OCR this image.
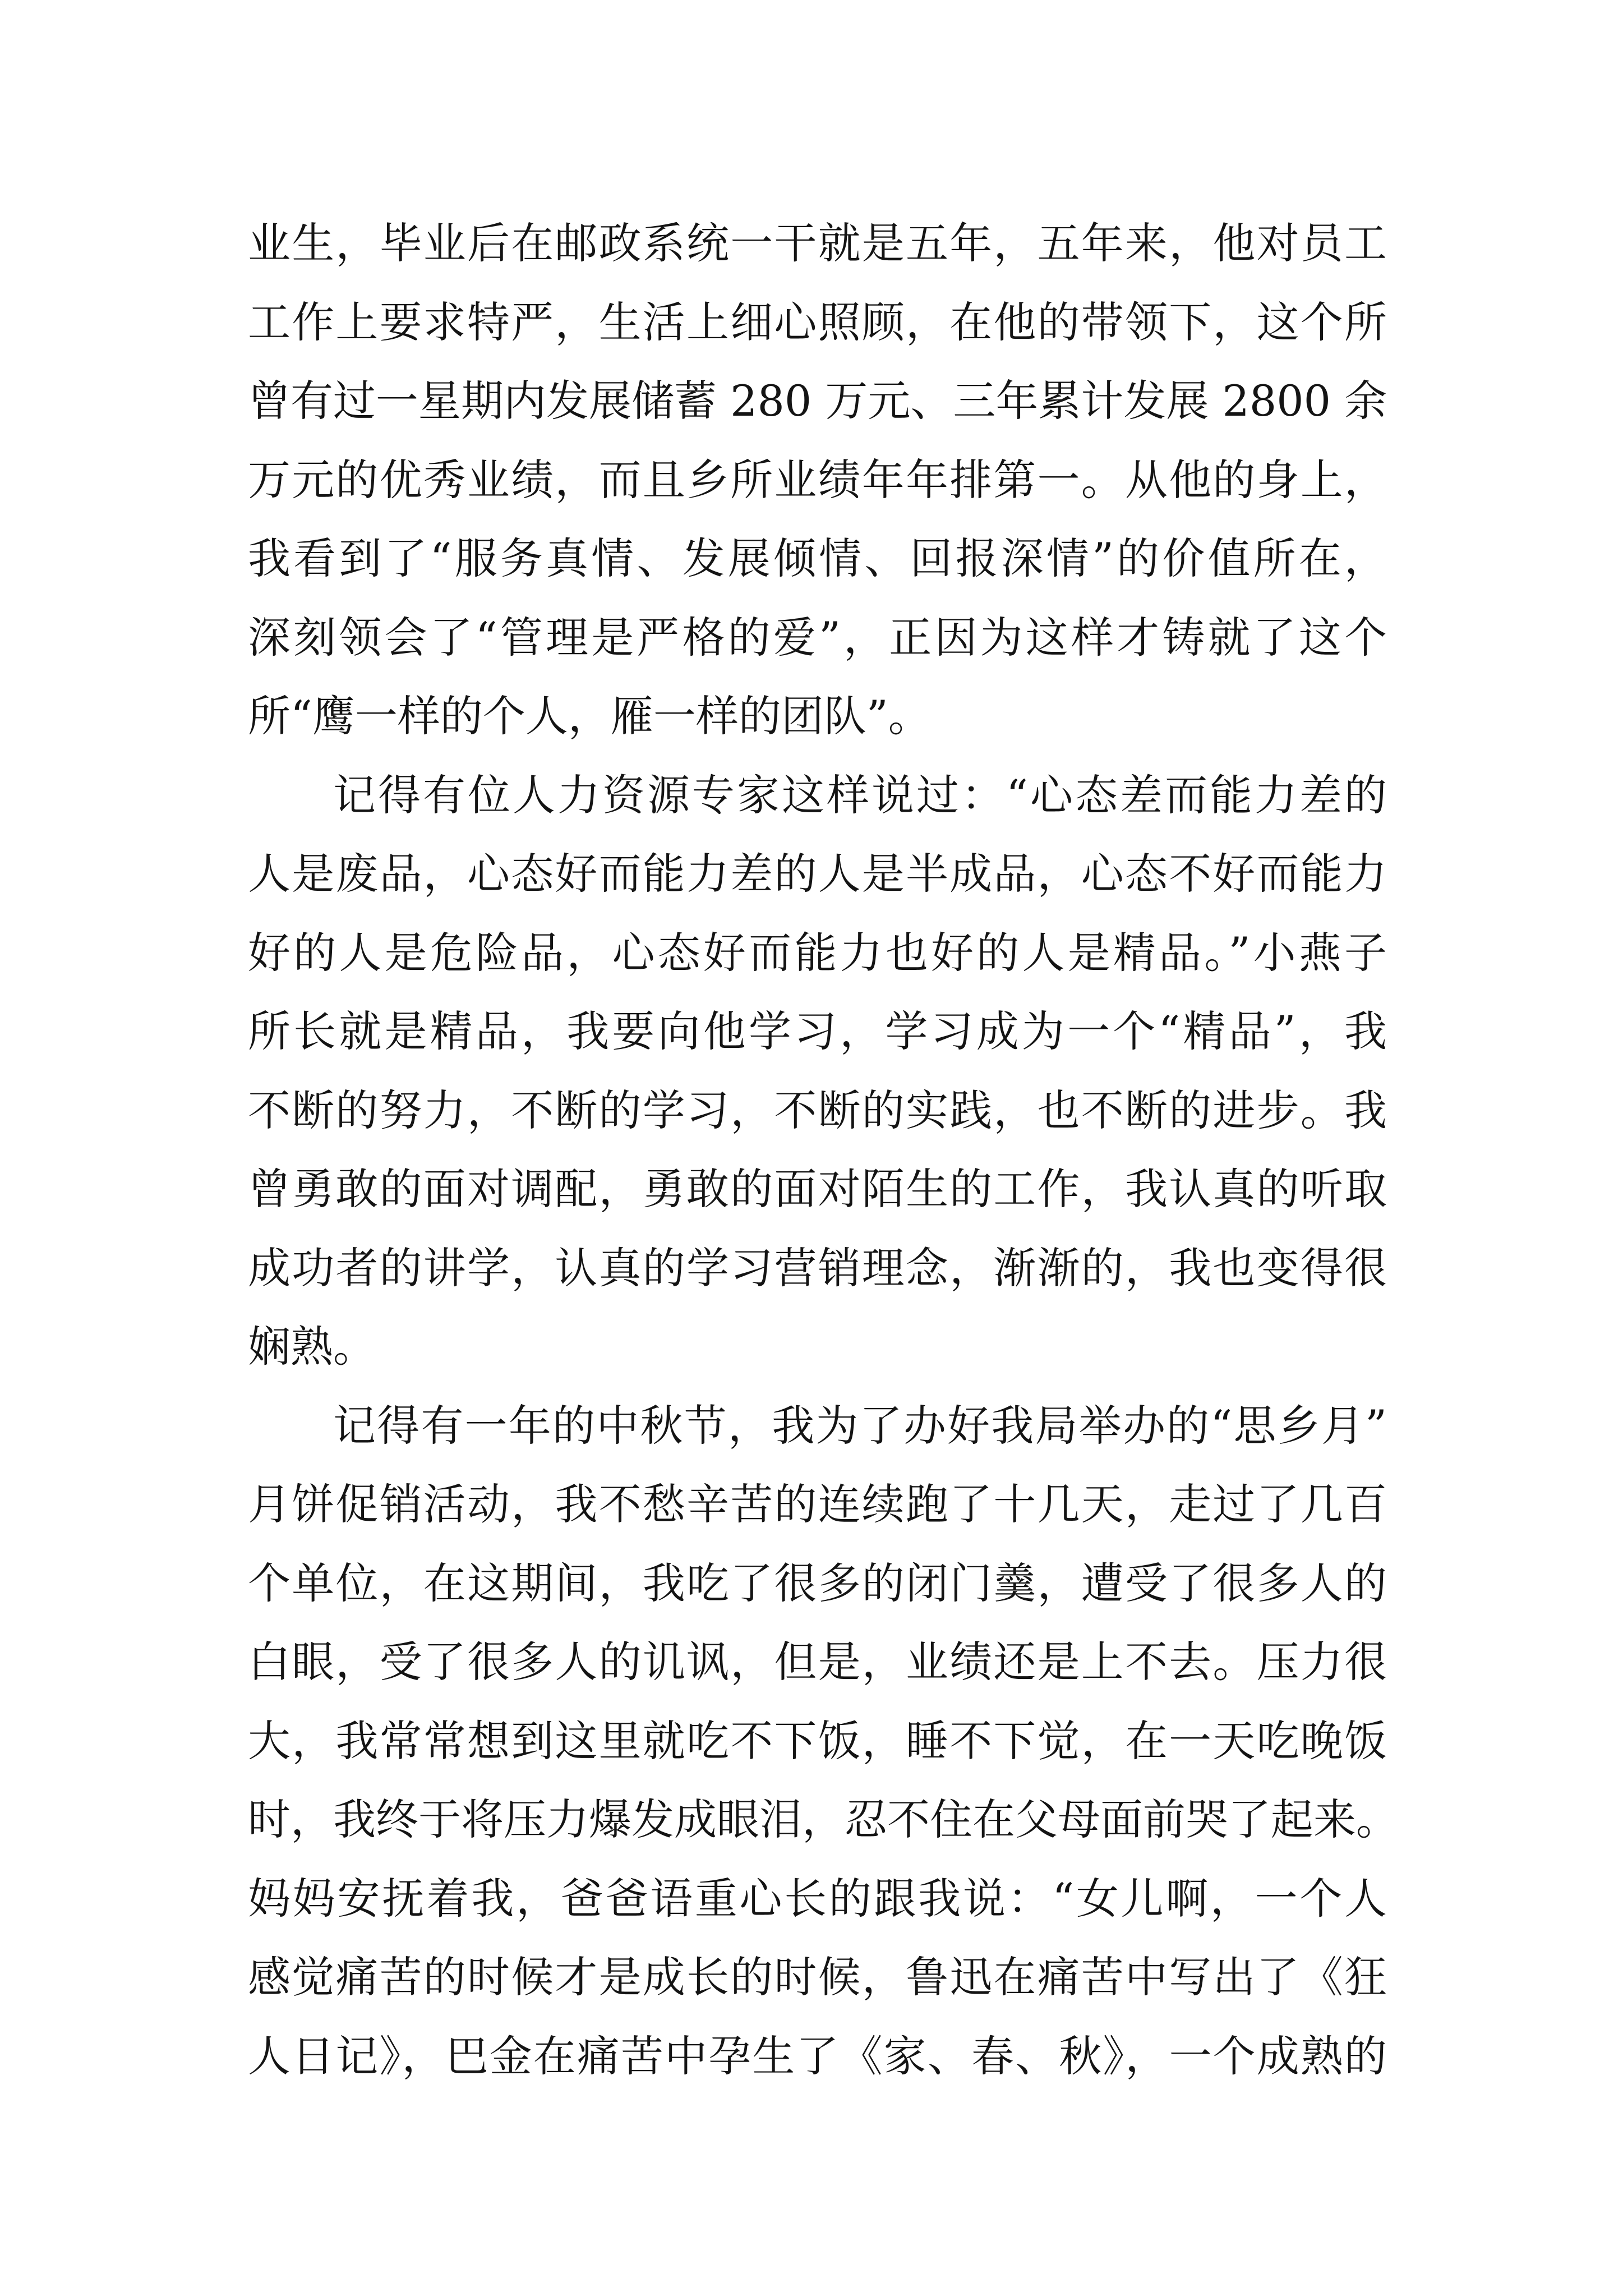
业生，毕业后在邮政系统一干就是五年，五年来，他对员工
工作上要求特严，生活上细心照顾，在他的带领下，这个所
曾有过一星期内发展储蓄 280 万元、三年累计发展 2800 余
万元的优秀业绩，而且乡所业绩年年排第一。从他的身上，
我看到了“服务真情、发展倾情、回报深情”的价值所在，
深刻领会了“管理是严格的爱”，正因为这样才铸就了这个
所“鹰一样的个人，雁一样的团队”。
记得有位人力资源专家这样说过：“心态差而能力差的
人是废品，心态好而能力差的人是半成品，心态不好而能力
好的人是危险品，心态好而能力也好的人是精品。”小燕子
所长就是精品，我要向他学习，学习成为一个“精品”，我
不断的努力，不断的学习，不断的实践，也不断的进步。我
曾勇敢的面对调配，勇敢的面对陌生的工作，我认真的听取
成功者的讲学，认真的学习营销理念，渐渐的，我也变得很
娴熟。
记得有一年的中秋节，我为了办好我局举办的“思乡月”
月饼促销活动，我不愁辛苦的连续跑了十几天，走过了几百
个单位，在这期间，我吃了很多的闭门羹，遭受了很多人的
白眼，受了很多人的讥讽，但是，业绩还是上不去。压力很
大，我常常想到这里就吃不下饭，睡不下觉，在一天吃晚饭
时，我终于将压力爆发成眼泪，忍不住在父母面前哭了起来。
妈妈安抚着我，爸爸语重心长的跟我说：“女儿啊，一个人
感觉痛苦的时候才是成长的时候，鲁迅在痛苦中写出了《狂
人日记》，巴金在痛苦中孕生了《家、春、秋》，一个成熟的
